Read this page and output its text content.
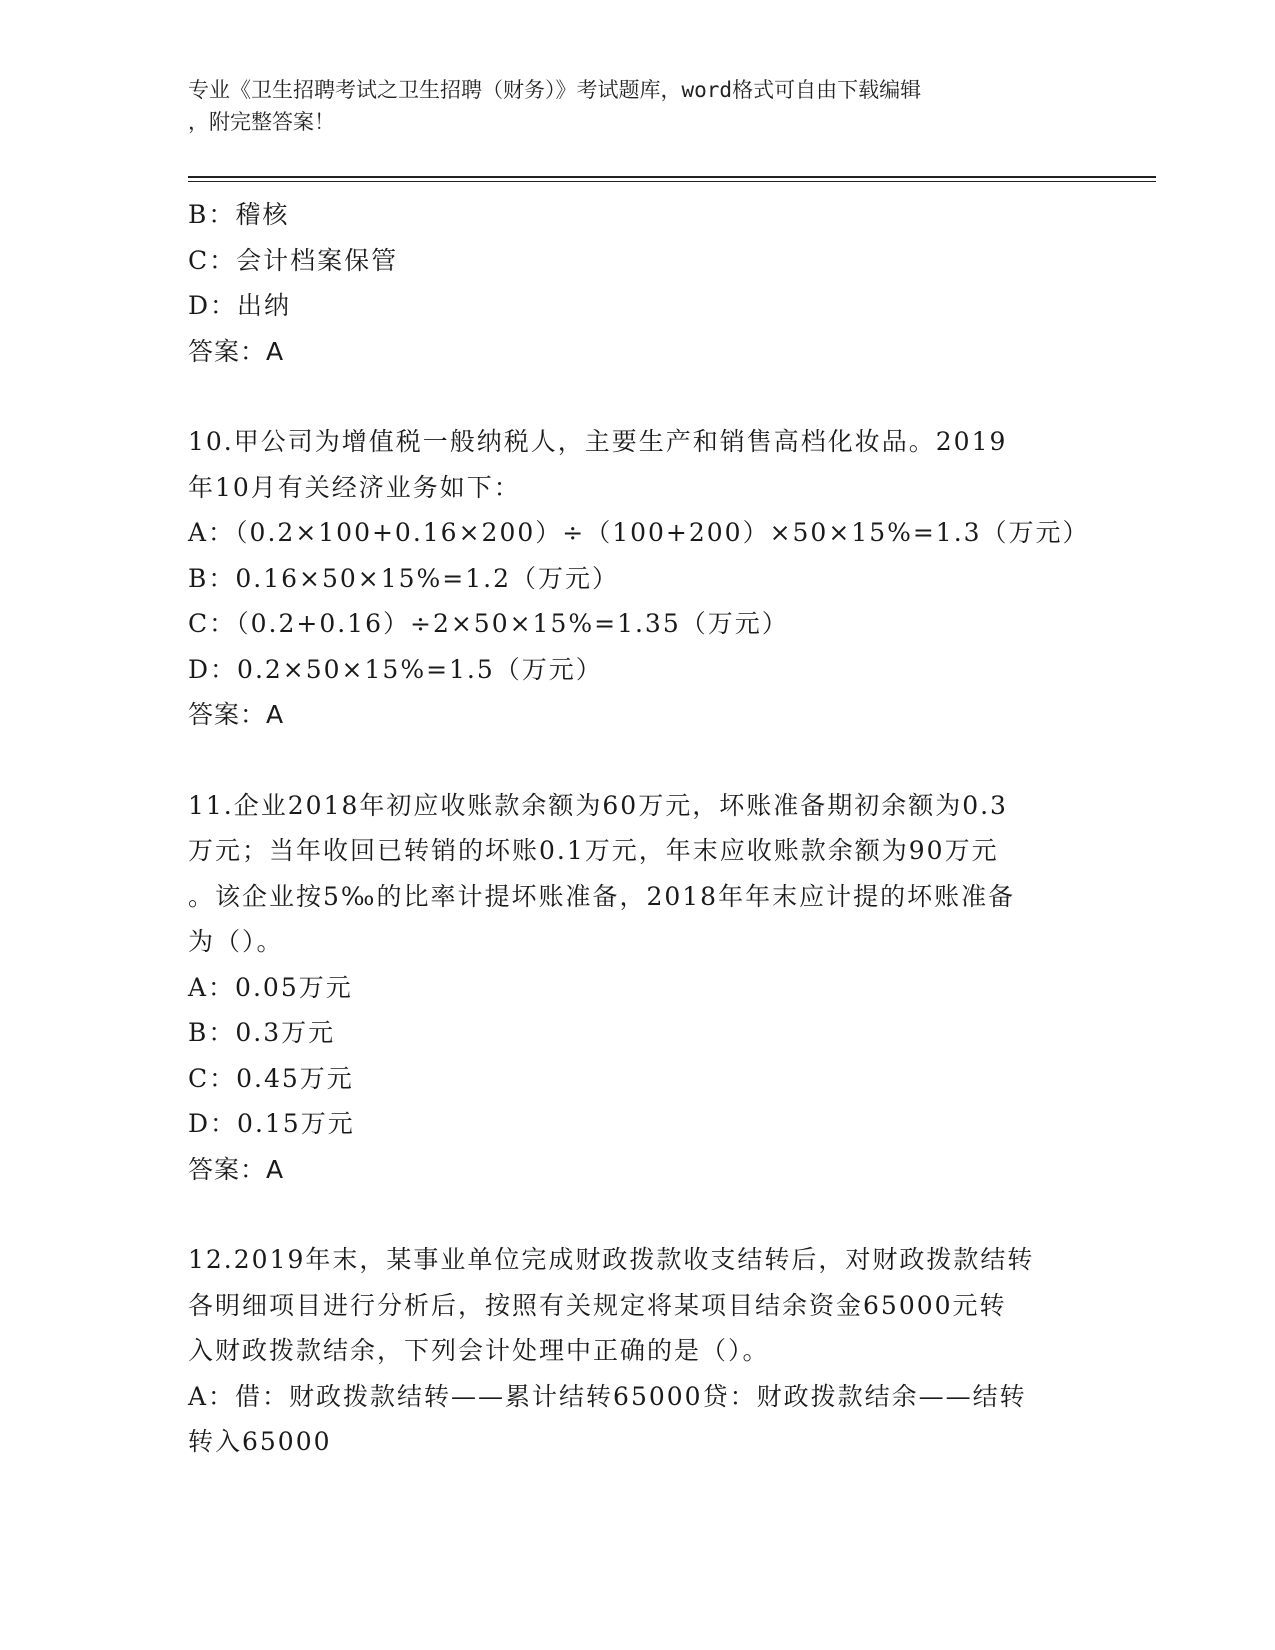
专业《卫生招聘考试之卫生招聘（财务）》考试题库，word格式可自由下载编辑
，附完整答案！
B：稽核
C：会计档案保管
D：出纳
答案：A
10.甲公司为增值税一般纳税人，主要生产和销售高档化妆品。2019
年10月有关经济业务如下：
A：（0.2×100+0.16×200）÷（100+200）×50×15%=1.3（万元）
B：0.16×50×15%=1.2（万元）
C：（0.2+0.16）÷2×50×15%=1.35（万元）
D：0.2×50×15%=1.5（万元）
答案：A
11.企业2018年初应收账款余额为60万元，坏账准备期初余额为0.3
万元；当年收回已转销的坏账0.1万元，年末应收账款余额为90万元
。该企业按5‰的比率计提坏账准备，2018年年末应计提的坏账准备
为（）。
A：0.05万元
B：0.3万元
C：0.45万元
D：0.15万元
答案：A
12.2019年末，某事业单位完成财政拨款收支结转后，对财政拨款结转
各明细项目进行分析后，按照有关规定将某项目结余资金65000元转
入财政拨款结余，下列会计处理中正确的是（）。
A：借：财政拨款结转——累计结转65000贷：财政拨款结余——结转
转入65000
